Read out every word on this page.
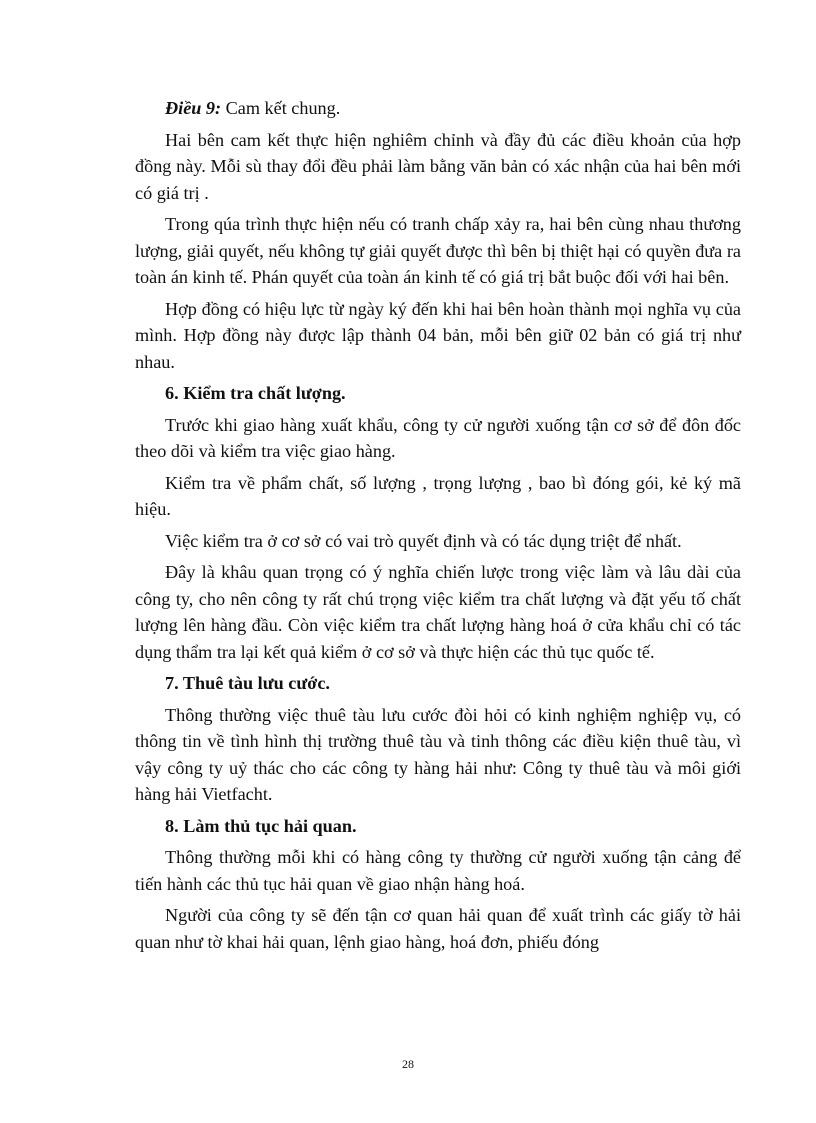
Điều 9: Cam kết chung.

Hai bên cam kết thực hiện nghiêm chỉnh và đầy đủ các điều khoản của hợp đồng này. Mỗi sù thay đổi đều phải làm bằng văn bản có xác nhận của hai bên mới có giá trị .

Trong qúa trình thực hiện nếu có tranh chấp xảy ra, hai bên cùng nhau thương lượng, giải quyết, nếu không tự giải quyết được thì bên bị thiệt hại có quyền đưa ra toàn án kinh tế. Phán quyết của toàn án kinh tế có giá trị bắt buộc đối với hai bên.

Hợp đồng có hiệu lực từ ngày ký đến khi hai bên hoàn thành mọi nghĩa vụ của mình. Hợp đồng này được lập thành 04 bản, mỗi bên giữ 02 bản có giá trị như nhau.

6. Kiểm tra chất lượng.

Trước khi giao hàng xuất khẩu, công ty cử người xuống tận cơ sở để đôn đốc theo dõi và kiểm tra việc giao hàng.

Kiểm tra về phẩm chất, số lượng , trọng lượng , bao bì đóng gói, kẻ ký mã hiệu.

Việc kiểm tra ở cơ sở có vai trò quyết định và có tác dụng triệt để nhất.

Đây là khâu quan trọng có ý nghĩa chiến lược trong việc làm và lâu dài của công ty, cho nên công ty rất chú trọng việc kiểm tra chất lượng và đặt yếu tố chất lượng lên hàng đầu. Còn việc kiểm tra chất lượng hàng hoá ở cửa khẩu chỉ có tác dụng thẩm tra lại kết quả kiểm ở cơ sở và thực hiện các thủ tục quốc tế.

7. Thuê tàu lưu cước.

Thông thường việc thuê tàu lưu cước đòi hỏi có kinh nghiệm nghiệp vụ, có thông tin về tình hình thị trường thuê tàu và tinh thông các điều kiện thuê tàu, vì vậy công ty uỷ thác cho các công ty hàng hải như: Công ty thuê tàu và môi giới hàng hải Vietfacht.

8. Làm thủ tục hải quan.

Thông thường mỗi khi có hàng công ty thường cử người xuống tận cảng để tiến hành các thủ tục hải quan về giao nhận hàng hoá.

Người của công ty sẽ đến tận cơ quan hải quan để xuất trình các giấy tờ hải quan như tờ khai hải quan, lệnh giao hàng, hoá đơn, phiếu đóng

28
